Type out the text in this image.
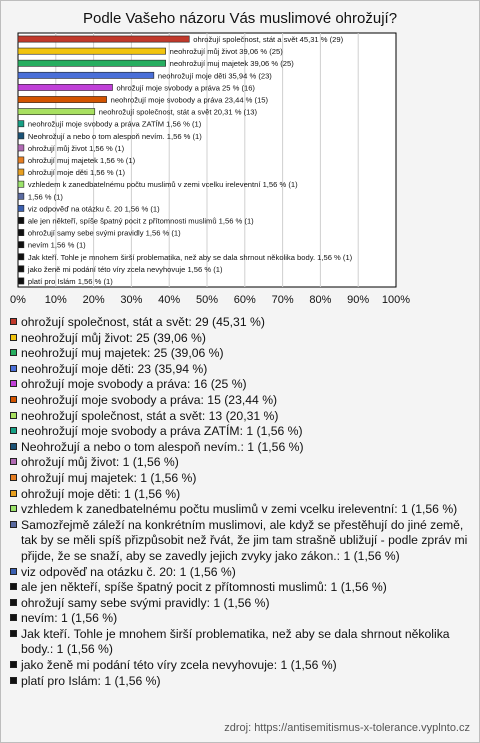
Podle Vašeho názoru Vás muslimové ohrožují?
0% 10% 20% 30% 40% 50% 60% 70% 80% 90% 100%
ohrožují společnost, stát a svět 45,31 % (29)
neohrožují můj život 39,06 % (25)
neohrožují muj majetek 39,06 % (25)
neohrožují moje děti 35,94 % (23)
ohrožují moje svobody a práva 25 % (16)
neohrožují moje svobody a práva 23,44 % (15)
neohrožují společnost, stát a svět 20,31 % (13)
neohrožují moje svobody a práva ZATÍM 1,56 % (1)
Neohrožují a nebo o tom alespoň nevím. 1,56 % (1)
ohrožují můj život 1,56 % (1)
ohrožují muj majetek 1,56 % (1)
ohrožují moje děti 1,56 % (1)
vzhledem k zanedbatelnému počtu muslimů v zemi vcelku ireleventní 1,56 % (1)
1,56 % (1)
viz odpověď na otázku č. 20 1,56 % (1)
ale jen někteří, spíše špatný pocit z přítomnosti muslimů 1,56 % (1)
ohrožují samy sebe svými pravidly 1,56 % (1)
nevím 1,56 % (1)
Jak kteří. Tohle je mnohem širší problematika, než aby se dala shrnout několika body. 1,56 % (1)
jako ženě mi podání této víry zcela nevyhovuje 1,56 % (1)
platí pro Islám 1,56 % (1)
ohrožují společnost, stát a svět: 29 (45,31 %)
neohrožují můj život: 25 (39,06 %)
neohrožují muj majetek: 25 (39,06 %)
neohrožují moje děti: 23 (35,94 %)
ohrožují moje svobody a práva: 16 (25 %)
neohrožují moje svobody a práva: 15 (23,44 %)
neohrožují společnost, stát a svět: 13 (20,31 %)
neohrožují moje svobody a práva ZATÍM: 1 (1,56 %)
Neohrožují a nebo o tom alespoň nevím.: 1 (1,56 %)
ohrožují můj život: 1 (1,56 %)
ohrožují muj majetek: 1 (1,56 %)
ohrožují moje děti: 1 (1,56 %)
vzhledem k zanedbatelnému počtu muslimů v zemi vcelku ireleventní: 1 (1,56 %)
Samozřejmě záleží na konkrétním muslimovi, ale když se přestěhují do jiné země, tak by se měli spíš přizpůsobit než řvát, že jim tam strašně ubližují - podle zpráv mi přijde, že se snaží, aby se zavedly jejich zvyky jako zákon.: 1 (1,56 %)
viz odpověď na otázku č. 20: 1 (1,56 %)
ale jen někteří, spíše špatný pocit z přítomnosti muslimů: 1 (1,56 %)
ohrožují samy sebe svými pravidly: 1 (1,56 %)
nevím: 1 (1,56 %)
Jak kteří. Tohle je mnohem širší problematika, než aby se dala shrnout několika body.: 1 (1,56 %)
jako ženě mi podání této víry zcela nevyhovuje: 1 (1,56 %)
platí pro Islám: 1 (1,56 %)
zdroj: https://antisemitismus-x-tolerance.vyplnto.cz
